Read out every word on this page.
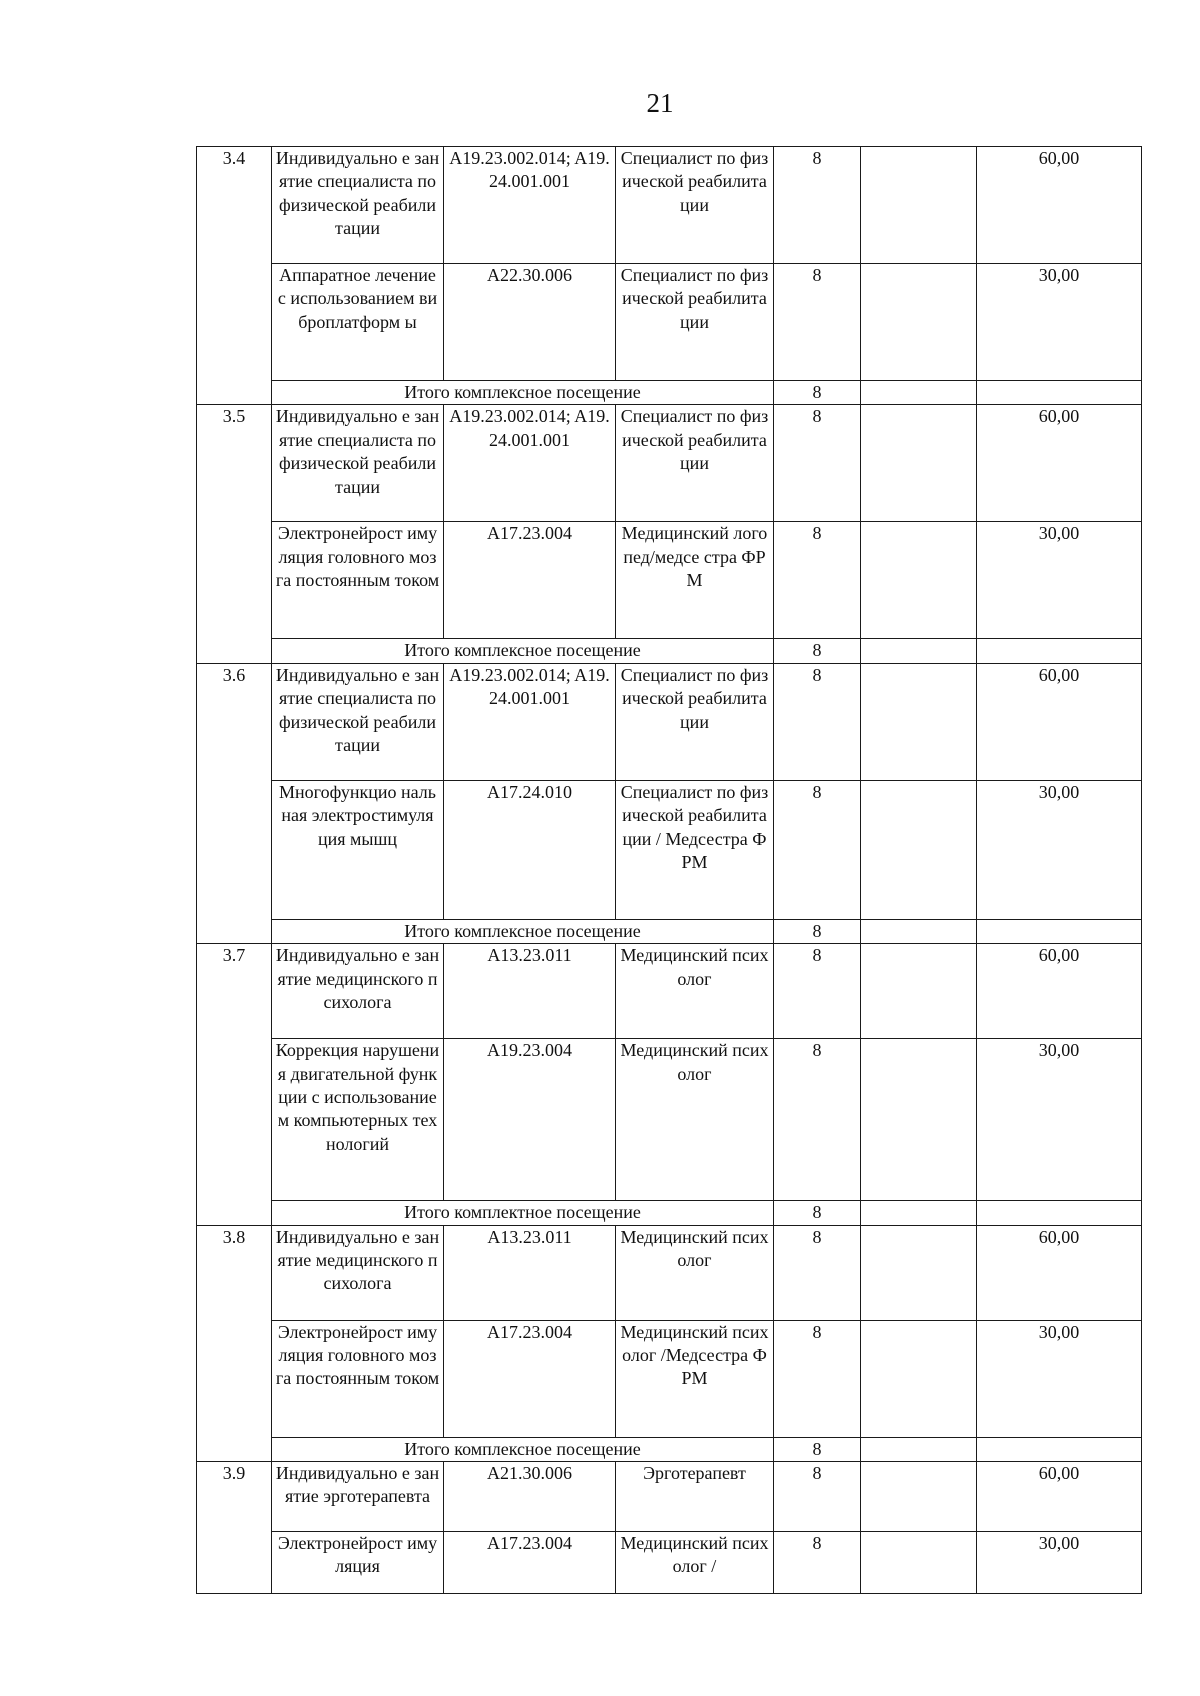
21
3.4	Индивидуально е занятие специалиста по физической реабилитации	A19.23.002.014; A19.24.001.001	Специалист по физической реабилитации	8		60,00
	Аппаратное лечение с использованием виброплатформ ы	A22.30.006	Специалист по физической реабилитации	8		30,00
	Итого комплексное посещение			8		
3.5	Индивидуально е занятие специалиста по физической реабилитации	A19.23.002.014; A19.24.001.001	Специалист по физической реабилитации	8		60,00
	Электронейрост имуляция головного мозга постоянным током	A17.23.004	Медицинский логопед/медсе стра ФРМ	8		30,00
	Итого комплексное посещение			8		
3.6	Индивидуально е занятие специалиста по физической реабилитации	A19.23.002.014; A19.24.001.001	Специалист по физической реабилитации	8		60,00
	Многофункцио нальная электростимуля ция мышц	A17.24.010	Специалист по физической реабилитации / Медсестра ФРМ	8		30,00
	Итого комплексное посещение			8		
3.7	Индивидуально е занятие медицинского психолога	A13.23.011	Медицинский психолог	8		60,00
	Коррекция нарушения двигательной функции с использованием компьютерных технологий	A19.23.004	Медицинский психолог	8		30,00
	Итого комплектное посещение			8		
3.8	Индивидуально е занятие медицинского психолога	A13.23.011	Медицинский психолог	8		60,00
	Электронейрост имуляция головного мозга постоянным током	A17.23.004	Медицинский психолог /Медсестра ФРМ	8		30,00
	Итого комплексное посещение			8		
3.9	Индивидуально е занятие эрготерапевта	A21.30.006	Эрготерапевт	8		60,00
	Электронейрост имуляция	A17.23.004	Медицинский психолог /	8		30,00
